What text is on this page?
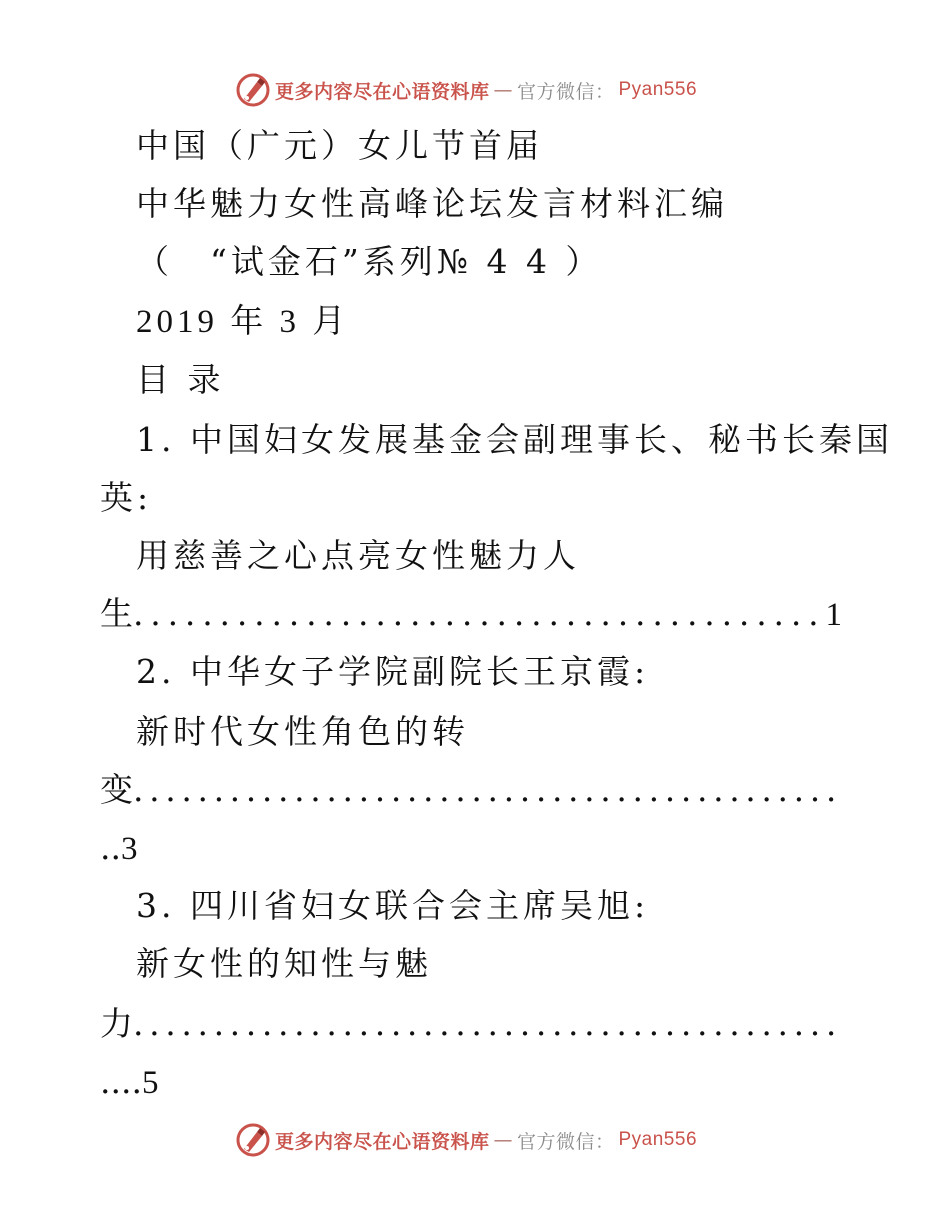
更多内容尽在心语资料库 — 官方微信： Pyan556
中国（广元）女儿节首届
中华魅力女性高峰论坛发言材料汇编
（　“试金石”系列№ 4 4 ）
2019 年 3 月
目 录
1. 中国妇女发展基金会副理事长、秘书长秦国
英:
用慈善之心点亮女性魅力人
生........................................1
2. 中华女子学院副院长王京霞:
新时代女性角色的转
变............................................
..3
3. 四川省妇女联合会主席吴旭:
新女性的知性与魅
力............................................
....5
更多内容尽在心语资料库 — 官方微信： Pyan556
